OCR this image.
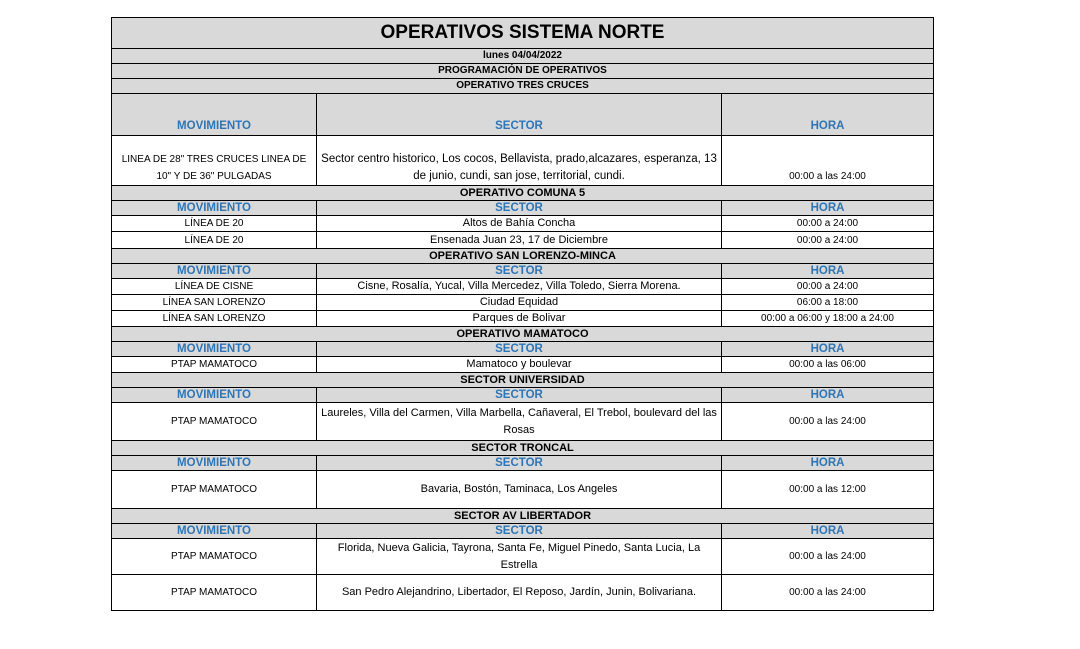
OPERATIVOS SISTEMA NORTE		
lunes 04/04/2022		
PROGRAMACIÓN DE OPERATIVOS		
OPERATIVO TRES CRUCES		
MOVIMIENTO	SECTOR	HORA
LINEA DE 28" TRES CRUCES LINEA DE 10" Y DE 36" PULGADAS	Sector centro historico, Los cocos, Bellavista, prado,alcazares, esperanza, 13 de junio, cundi, san jose, territorial, cundi.	00:00 a las 24:00
OPERATIVO COMUNA 5		
MOVIMIENTO	SECTOR	HORA
LÍNEA DE 20	Altos de Bahía Concha	00:00 a 24:00
LÍNEA DE 20	Ensenada Juan 23, 17 de Diciembre	00:00 a 24:00
OPERATIVO SAN LORENZO-MINCA		
MOVIMIENTO	SECTOR	HORA
LÍNEA DE CISNE	Cisne, Rosalía, Yucal, Villa Mercedez, Villa Toledo, Sierra Morena.	00:00 a 24:00
LÍNEA SAN LORENZO	Ciudad Equidad	06:00 a 18:00
LÍNEA SAN LORENZO	Parques de Bolivar	00:00 a 06:00 y 18:00 a 24:00
OPERATIVO MAMATOCO		
MOVIMIENTO	SECTOR	HORA
PTAP MAMATOCO	Mamatoco y boulevar	00:00 a las 06:00
SECTOR UNIVERSIDAD		
MOVIMIENTO	SECTOR	HORA
PTAP MAMATOCO	Laureles, Villa del Carmen, Villa Marbella, Cañaveral, El Trebol, boulevard del las Rosas	00:00 a las 24:00
SECTOR TRONCAL		
MOVIMIENTO	SECTOR	HORA
PTAP MAMATOCO	Bavaria, Bostón, Taminaca, Los Angeles	00:00 a las 12:00
SECTOR AV LIBERTADOR		
MOVIMIENTO	SECTOR	HORA
PTAP MAMATOCO	Florida, Nueva Galicia, Tayrona, Santa Fe, Miguel Pinedo, Santa Lucia, La Estrella	00:00 a las 24:00
PTAP MAMATOCO	San Pedro Alejandrino, Libertador, El Reposo, Jardín, Junin, Bolivariana.	00:00 a las 24:00
